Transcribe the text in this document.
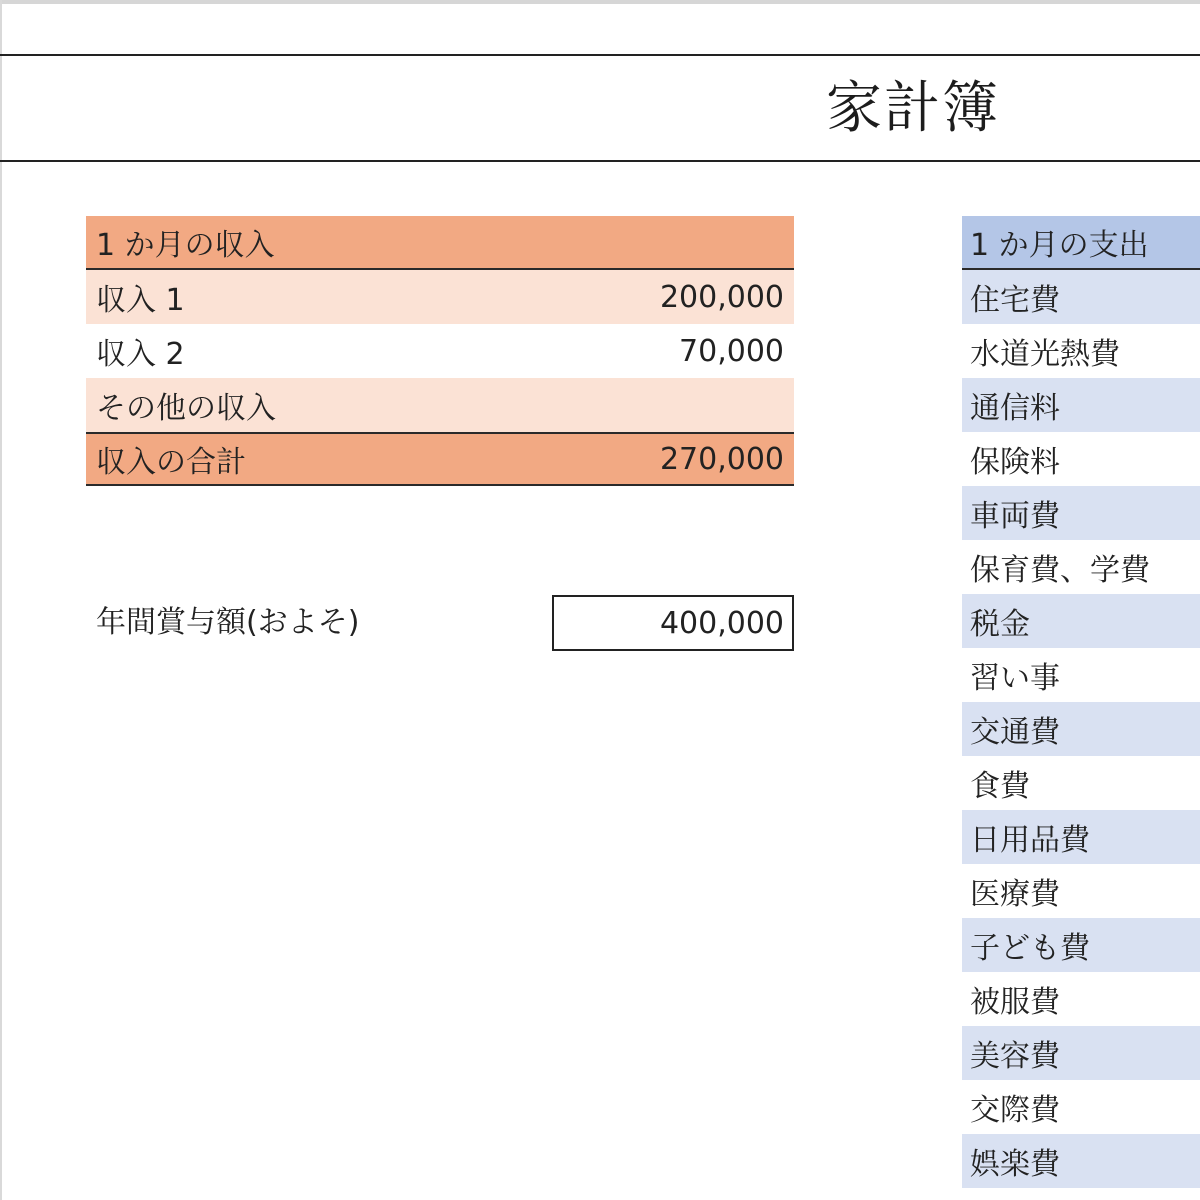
家計簿
1 か月の収入
収入 1	200,000
収入 2	70,000
その他の収入
収入の合計	270,000
年間賞与額(およそ)	400,000
1 か月の支出
住宅費
水道光熱費
通信料
保険料
車両費
保育費、学費
税金
習い事
交通費
食費
日用品費
医療費
子ども費
被服費
美容費
交際費
娯楽費
